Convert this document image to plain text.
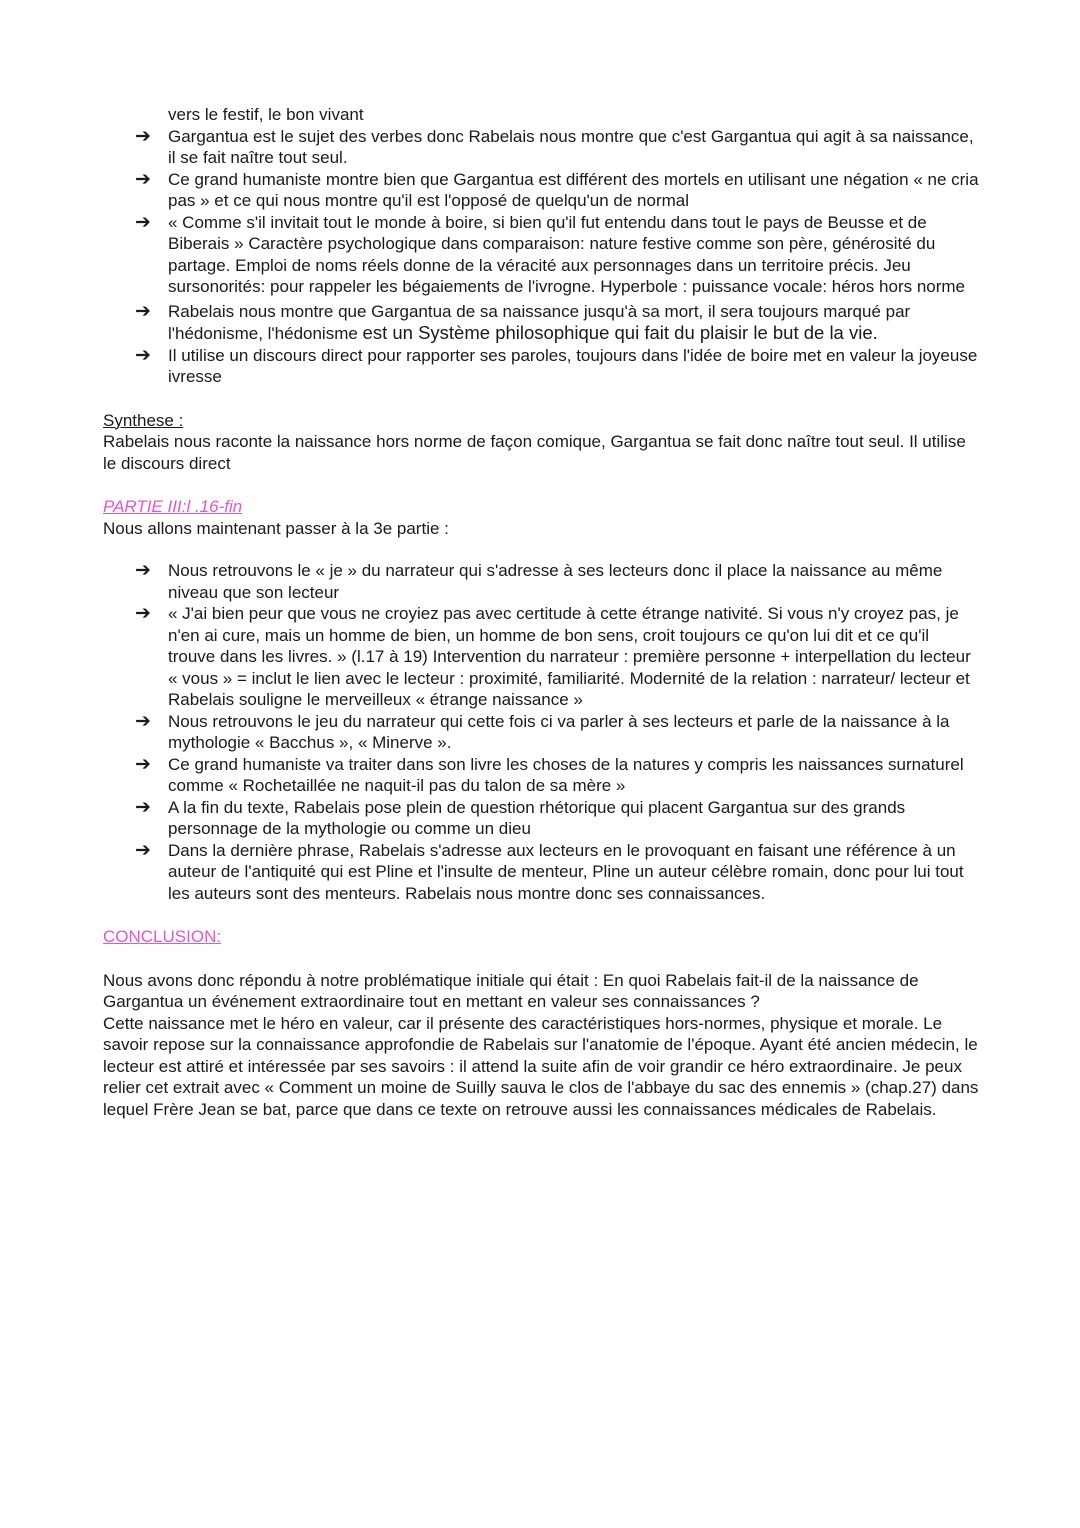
vers le festif, le bon vivant

➔ Gargantua est le sujet des verbes donc Rabelais nous montre que c'est Gargantua qui agit à sa naissance, il se fait naître tout seul.
➔ Ce grand humaniste montre bien que Gargantua est différent des mortels en utilisant une négation « ne cria pas » et ce qui nous montre qu'il est l'opposé de quelqu'un de normal
➔ « Comme s'il invitait tout le monde à boire, si bien qu'il fut entendu dans tout le pays de Beusse et de Biberais » Caractère psychologique dans comparaison: nature festive comme son père, générosité du partage. Emploi de noms réels donne de la véracité aux personnages dans un territoire précis. Jeu sursonorités: pour rappeler les bégaiements de l'ivrogne. Hyperbole : puissance vocale: héros hors norme
➔ Rabelais nous montre que Gargantua de sa naissance jusqu'à sa mort, il sera toujours marqué par l'hédonisme, l'hédonisme est un Système philosophique qui fait du plaisir le but de la vie.
➔ Il utilise un discours direct pour rapporter ses paroles, toujours dans l'idée de boire met en valeur la joyeuse ivresse

Synthese :

Rabelais nous raconte la naissance hors norme de façon comique, Gargantua se fait donc naître tout seul. Il utilise le discours direct

PARTIE III:l .16-fin

Nous allons maintenant passer à la 3e partie :

➔ Nous retrouvons le « je » du narrateur qui s'adresse à ses lecteurs donc il place la naissance au même niveau que son lecteur
➔ « J'ai bien peur que vous ne croyiez pas avec certitude à cette étrange nativité. Si vous n'y croyez pas, je n'en ai cure, mais un homme de bien, un homme de bon sens, croit toujours ce qu'on lui dit et ce qu'il trouve dans les livres. » (l.17 à 19) Intervention du narrateur : première personne + interpellation du lecteur « vous » = inclut le lien avec le lecteur : proximité, familiarité. Modernité de la relation : narrateur/ lecteur et Rabelais souligne le merveilleux « étrange naissance »
➔ Nous retrouvons le jeu du narrateur qui cette fois ci va parler à ses lecteurs et parle de la naissance à la mythologie « Bacchus », « Minerve ».
➔ Ce grand humaniste va traiter dans son livre les choses de la natures y compris les naissances surnaturel comme « Rochetaillée ne naquit-il pas du talon de sa mère »
➔ A la fin du texte, Rabelais pose plein de question rhétorique qui placent Gargantua sur des grands personnage de la mythologie ou comme un dieu
➔ Dans la dernière phrase, Rabelais s'adresse aux lecteurs en le provoquant en faisant une référence à un auteur de l'antiquité qui est Pline et l'insulte de menteur, Pline un auteur célèbre romain, donc pour lui tout les auteurs sont des menteurs. Rabelais nous montre donc ses connaissances.

CONCLUSION:

Nous avons donc répondu à notre problématique initiale qui était : En quoi Rabelais fait-il de la naissance de Gargantua un événement extraordinaire tout en mettant en valeur ses connaissances ?

Cette naissance met le héro en valeur, car il présente des caractéristiques hors-normes, physique et morale. Le savoir repose sur la connaissance approfondie de Rabelais sur l'anatomie de l'époque. Ayant été ancien médecin, le lecteur est attiré et intéressée par ses savoirs : il attend la suite afin de voir grandir ce héro extraordinaire. Je peux relier cet extrait avec « Comment un moine de Suilly sauva le clos de l'abbaye du sac des ennemis » (chap.27) dans lequel Frère Jean se bat, parce que dans ce texte on retrouve aussi les connaissances médicales de Rabelais.
